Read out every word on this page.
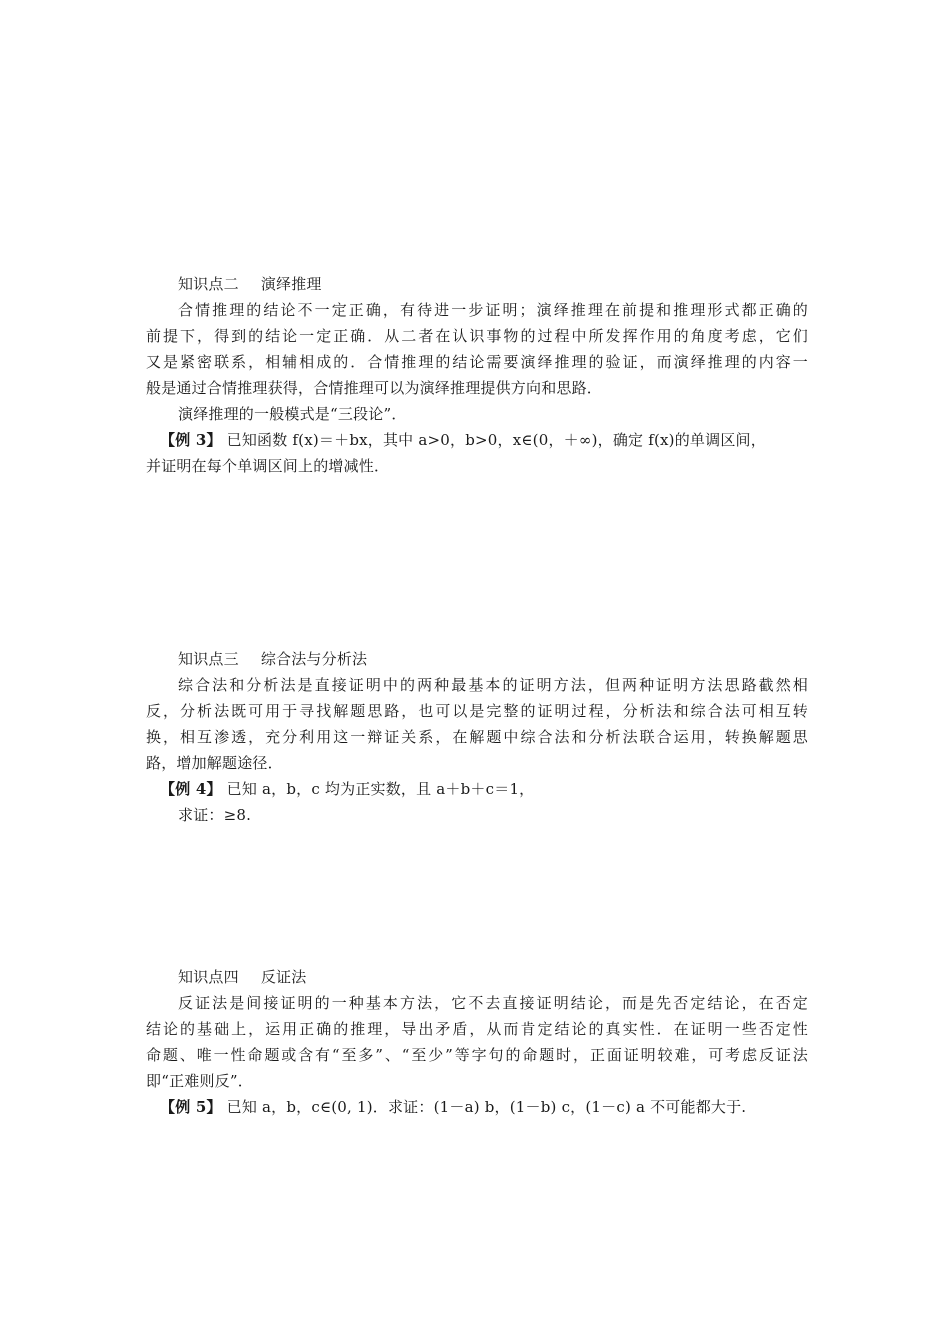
知识点二 演绎推理
合情推理的结论不一定正确，有待进一步证明；演绎推理在前提和推理形式都正确的
前提下，得到的结论一定正确．从二者在认识事物的过程中所发挥作用的角度考虑，它们
又是紧密联系，相辅相成的．合情推理的结论需要演绎推理的验证，而演绎推理的内容一
般是通过合情推理获得，合情推理可以为演绎推理提供方向和思路．
演绎推理的一般模式是“三段论”．
【例 3】 已知函数 f(x)＝＋bx，其中 a>0，b>0，x∈(0，＋∞)，确定 f(x)的单调区间，
并证明在每个单调区间上的增减性．
知识点三 综合法与分析法
综合法和分析法是直接证明中的两种最基本的证明方法，但两种证明方法思路截然相
反，分析法既可用于寻找解题思路，也可以是完整的证明过程，分析法和综合法可相互转
换，相互渗透，充分利用这一辩证关系，在解题中综合法和分析法联合运用，转换解题思
路，增加解题途径．
【例 4】 已知 a，b，c 均为正实数，且 a＋b＋c＝1，
求证：≥8.
知识点四 反证法
反证法是间接证明的一种基本方法，它不去直接证明结论，而是先否定结论，在否定
结论的基础上，运用正确的推理，导出矛盾，从而肯定结论的真实性．在证明一些否定性
命题、唯一性命题或含有“至多”、“至少”等字句的命题时，正面证明较难，可考虑反证法
即“正难则反”．
【例 5】 已知 a，b，c∈(0, 1)．求证：(1－a) b，(1－b) c，(1－c) a 不可能都大于.
